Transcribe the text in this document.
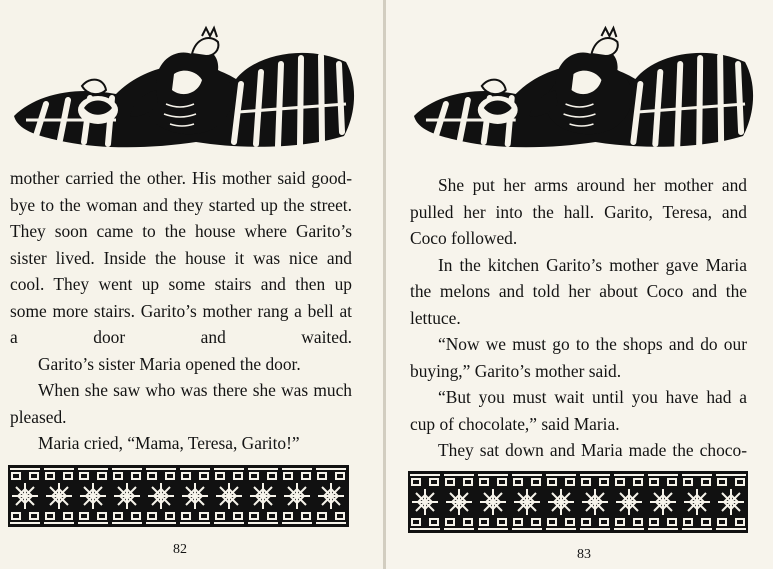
mother carried the other. His mother said good-bye to the woman and they started up the street. They soon came to the house where Garito’s sister lived. Inside the house it was nice and cool. They went up some stairs and then up some more stairs. Garito’s mother rang a bell at a door and waited.

Garito’s sister Maria opened the door.

When she saw who was there she was much pleased.

Maria cried, “Mama, Teresa, Garito!”

82

She put her arms around her mother and pulled her into the hall. Garito, Teresa, and Coco followed.

In the kitchen Garito’s mother gave Maria the melons and told her about Coco and the lettuce.

“Now we must go to the shops and do our buying,” Garito’s mother said.

“But you must wait until you have had a cup of chocolate,” said Maria.

They sat down and Maria made the choco-

83
